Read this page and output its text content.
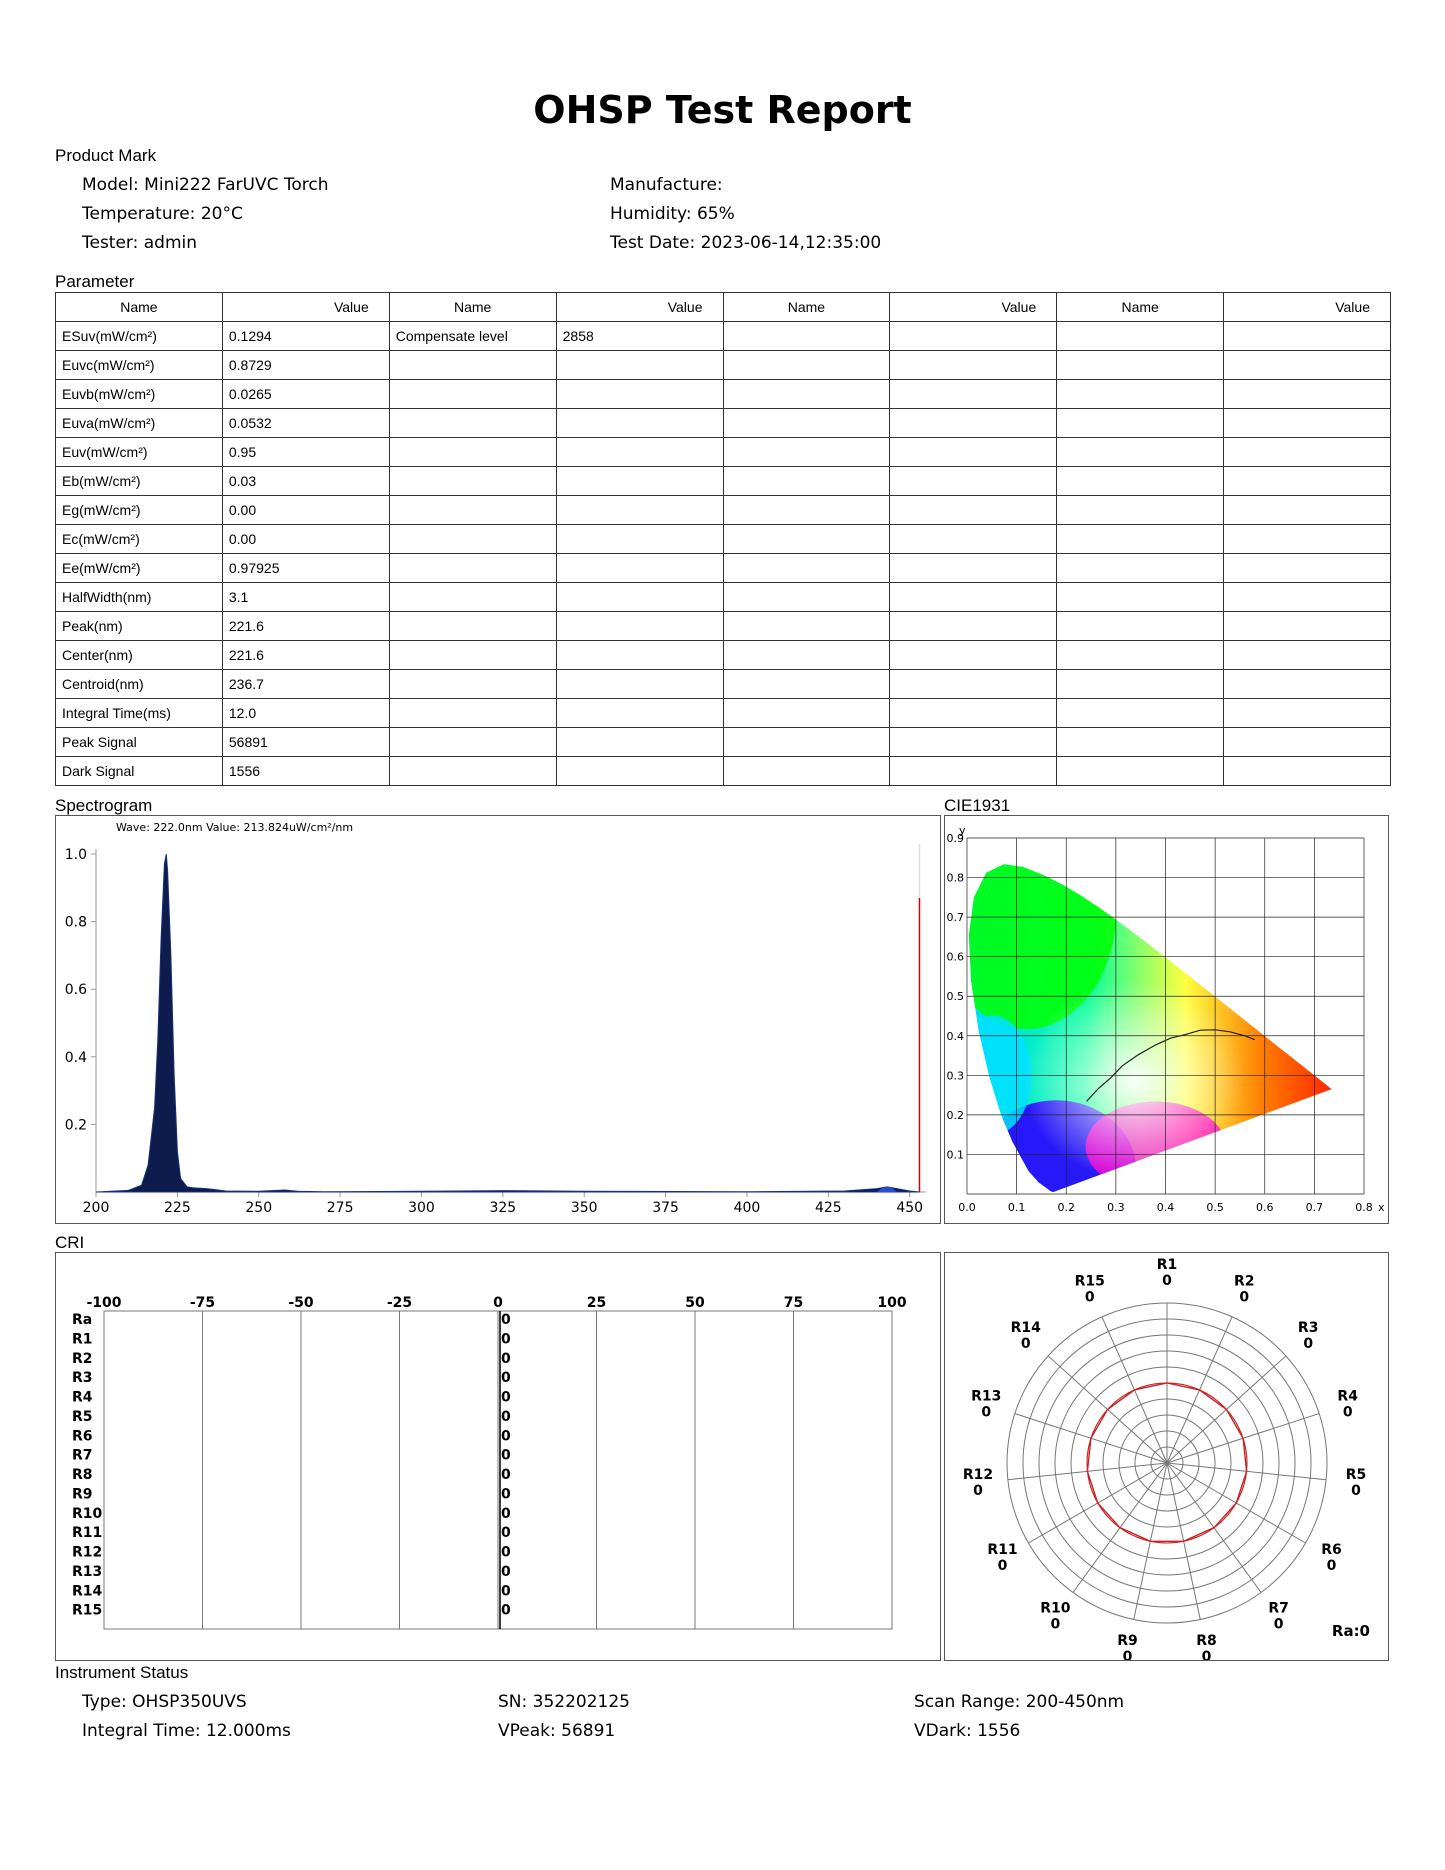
OHSP Test Report
Product Mark
Model: Mini222 FarUVC Torch	Manufacture:
Temperature: 20°C	Humidity: 65%
Tester: admin	Test Date: 2023-06-14,12:35:00
Parameter
Name	Value	Name	Value	Name	Value	Name	Value
ESuv(mW/cm²)	0.1294	Compensate level	2858				
Euvc(mW/cm²)	0.8729						
Euvb(mW/cm²)	0.0265						
Euva(mW/cm²)	0.0532						
Euv(mW/cm²)	0.95						
Eb(mW/cm²)	0.03						
Eg(mW/cm²)	0.00						
Ec(mW/cm²)	0.00						
Ee(mW/cm²)	0.97925						
HalfWidth(nm)	3.1						
Peak(nm)	221.6						
Center(nm)	221.6						
Centroid(nm)	236.7						
Integral Time(ms)	12.0						
Peak Signal	56891						
Dark Signal	1556						
Spectrogram
Wave: 222.0nm Value: 213.824uW/cm²/nm
200	225	250	275	300	325	350	375	400	425	450
0.2
0.4
0.6
0.8
1.0
CIE1931
0.0	0.1	0.2	0.3	0.4	0.5	0.6	0.7	0.8
0.1
0.2
0.3
0.4
0.5
0.6
0.7
0.8
0.9
x
y
CRI
-100	-75	-50	-25	0	25	50	75	100
Ra	0
R1	0
R2	0
R3	0
R4	0
R5	0
R6	0
R7	0
R8	0
R9	0
R10	0
R11	0
R12	0
R13	0
R14	0
R15	0
R1
0	R2
0
R3
0
R4
0
R5
0
R6
0
R7
0
R8
0
R9
0
R10
0
R11
0
R12
0
R13
0
R14
0
R15
0
Ra:0
Instrument Status
Type: OHSP350UVS	SN: 352202125	Scan Range: 200-450nm
Integral Time: 12.000ms	VPeak: 56891	VDark: 1556
